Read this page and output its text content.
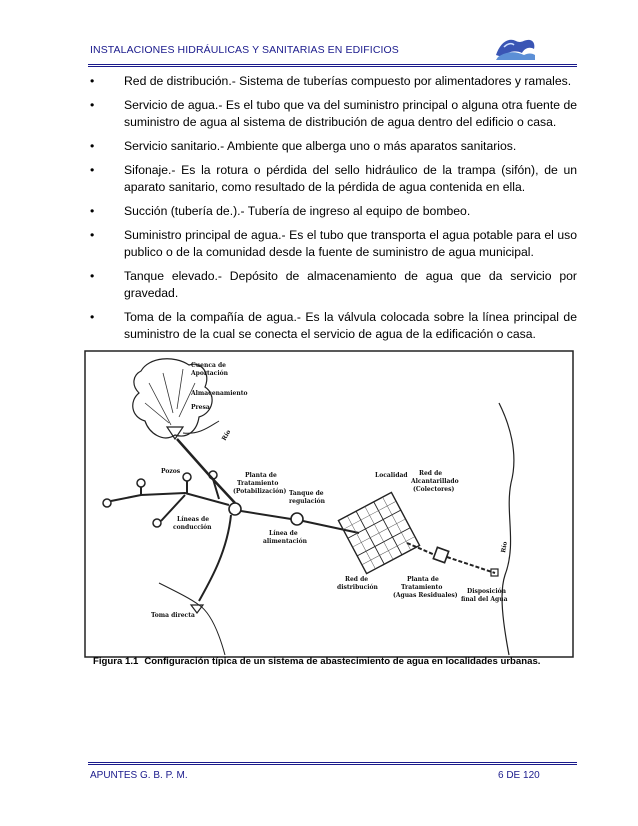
INSTALACIONES HIDRÁULICAS Y SANITARIAS EN EDIFICIOS
• Red de distribución.- Sistema de tuberías compuesto por alimentadores y ramales.
• Servicio de agua.- Es el tubo que va del suministro principal o alguna otra fuente de suministro de agua al sistema de distribución de agua dentro del edificio o casa.
• Servicio sanitario.- Ambiente que alberga uno o más aparatos sanitarios.
• Sifonaje.- Es la rotura o pérdida del sello hidráulico de la trampa (sifón), de un aparato sanitario, como resultado de la pérdida de agua contenida en ella.
• Succión (tubería de.).- Tubería de ingreso al equipo de bombeo.
• Suministro principal de agua.- Es el tubo que transporta el agua potable para el uso publico o de la comunidad desde la fuente de suministro de agua municipal.
• Tanque elevado.- Depósito de almacenamiento de agua que da servicio por gravedad.
• Toma de la compañía de agua.- Es la válvula colocada sobre la línea principal de suministro de la cual se conecta el servicio de agua de la edificación o casa.
Cuenca de
Aportación
Almacenamiento
Presa
Pozos
Planta de
Tratamiento
(Potabilización) Tanque de
regulación
Líneas de
conducción
Línea de
alimentación
Localidad Red de
Alcantarillado
(Colectores)
Red de
distribución
Planta de
Tratamiento
(Aguas Residuales)
Disposición
final del Agua
Toma directa
Río
Río
Figura 1.1 Configuración típica de un sistema de abastecimiento de agua en localidades urbanas.
APUNTES G. B. P. M.	6 DE 120
